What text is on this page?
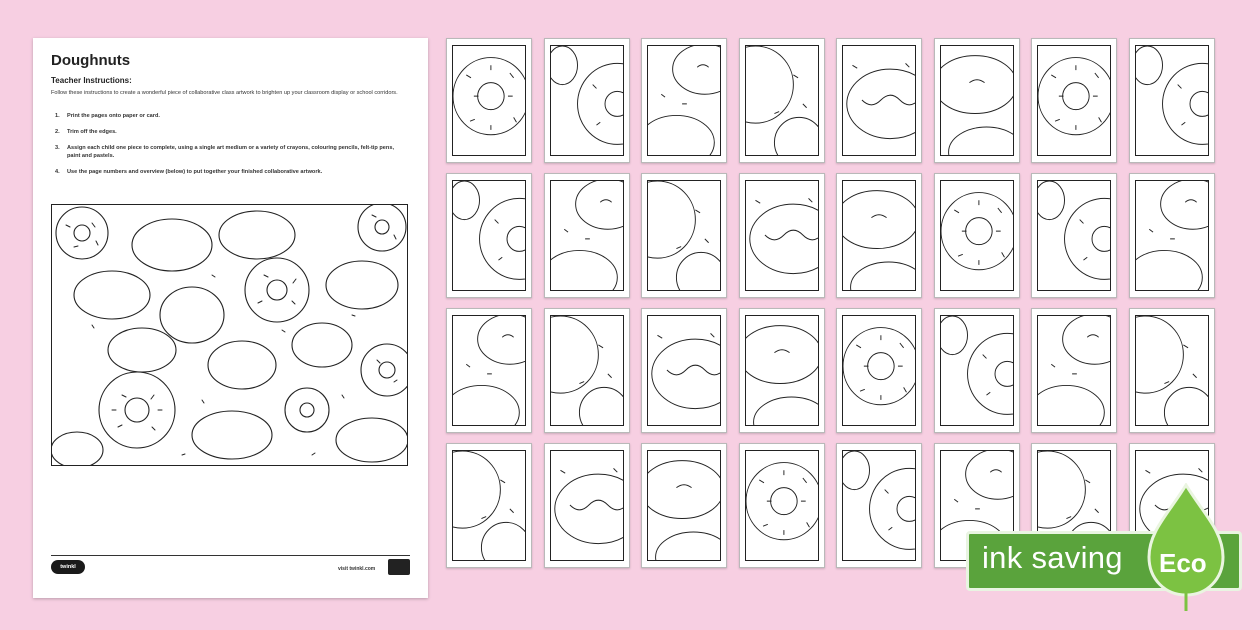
Doughnuts
Teacher Instructions:
Follow these instructions to create a wonderful piece of collaborative class artwork to brighten up your classroom display or school corridors.
1.	Print the pages onto paper or card.
2.	Trim off the edges.
3.	Assign each child one piece to complete, using a single art medium or a variety of crayons, colouring pencils, felt-tip pens, paint and pastels.
4.	Use the page numbers and overview (below) to put together your finished collaborative artwork.
twinkl	visit twinkl.com	ink saving Eco
